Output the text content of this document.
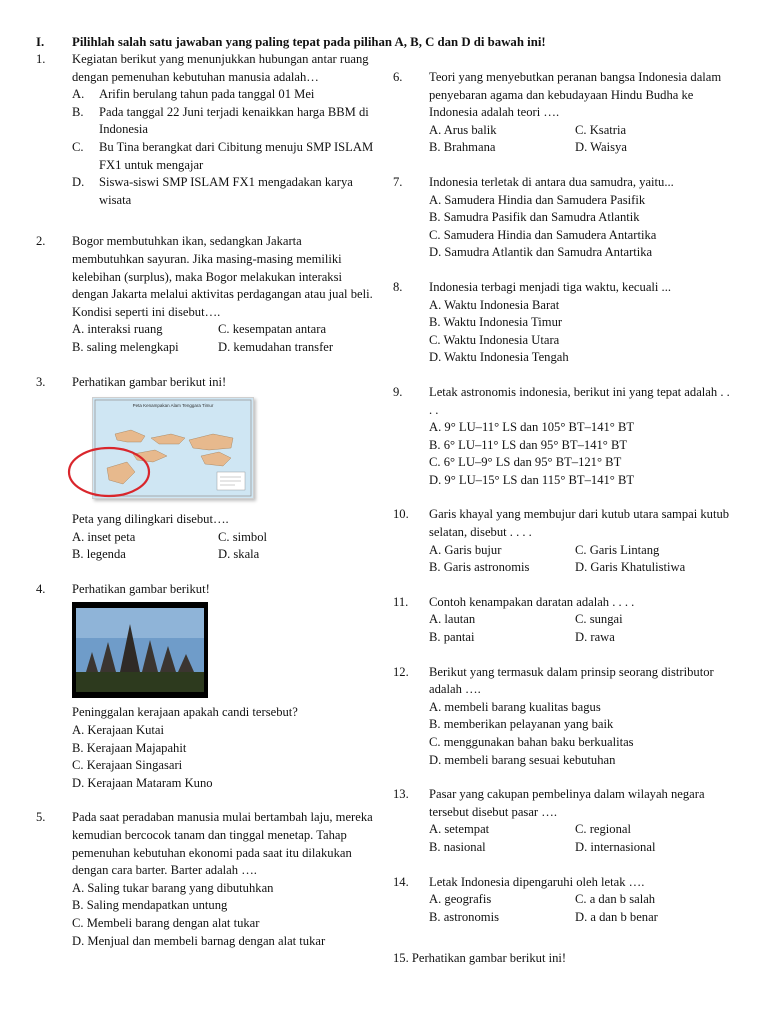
I. Pilihlah salah satu jawaban yang paling tepat pada pilihan A, B, C dan D di bawah ini!
1. Kegiatan berikut yang menunjukkan hubungan antar ruang dengan pemenuhan kebutuhan manusia adalah…

A. Arifin berulang tahun pada tanggal 01 Mei
B. Pada tanggal 22 Juni terjadi kenaikkan harga BBM di Indonesia
C. Bu Tina berangkat dari Cibitung menuju SMP ISLAM FX1 untuk mengajar
D. Siswa-siswi SMP ISLAM FX1 mengadakan karya wisata
2. Bogor membutuhkan ikan, sedangkan Jakarta membutuhkan sayuran. Jika masing-masing memiliki kelebihan (surplus), maka Bogor melakukan interaksi dengan Jakarta melalui aktivitas perdagangan atau jual beli. Kondisi seperti ini disebut….

A. interaksi ruang	C. kesempatan antara
B. saling melengkapi	D. kemudahan transfer
3. Perhatikan gambar berikut ini!

Peta Kenampakan Alam Tenggara Timur

Peta yang dilingkari disebut….

A. inset peta	C. simbol
B. legenda	D. skala
4. Perhatikan gambar berikut!

Peninggalan kerajaan apakah candi tersebut?

A. Kerajaan Kutai
B. Kerajaan Majapahit
C. Kerajaan Singasari
D. Kerajaan Mataram Kuno
5. Pada saat peradaban manusia mulai bertambah laju, mereka kemudian bercocok tanam dan tinggal menetap. Tahap pemenuhan kebutuhan ekonomi pada saat itu dilakukan dengan cara barter. Barter adalah ….

A. Saling tukar barang yang dibutuhkan
B. Saling mendapatkan untung
C. Membeli barang dengan alat tukar
D. Menjual dan membeli barnag dengan alat tukar
6. Teori yang menyebutkan peranan bangsa Indonesia dalam penyebaran agama dan kebudayaan Hindu Budha ke Indonesia adalah teori ….

A. Arus balik	C. Ksatria
B. Brahmana	D. Waisya
7. Indonesia terletak di antara dua samudra, yaitu...

A. Samudera Hindia dan Samudera Pasifik
B. Samudra Pasifik dan Samudra Atlantik
C. Samudera Hindia dan Samudera Antartika
D. Samudra Atlantik dan Samudra Antartika
8. Indonesia terbagi menjadi tiga waktu, kecuali ...

A. Waktu Indonesia Barat
B. Waktu Indonesia Timur
C. Waktu Indonesia Utara
D. Waktu Indonesia Tengah
9. Letak astronomis indonesia, berikut ini yang tepat adalah . . . .

A. 9° LU–11° LS dan 105° BT–141° BT
B. 6° LU–11° LS dan 95° BT–141° BT
C. 6° LU–9° LS dan 95° BT–121° BT
D. 9° LU–15° LS dan 115° BT–141° BT
10. Garis khayal yang membujur dari kutub utara sampai kutub selatan, disebut . . . .

A. Garis bujur	C. Garis Lintang
B. Garis astronomis	D. Garis Khatulistiwa
11. Contoh kenampakan daratan adalah . . . .

A. lautan	C. sungai
B. pantai	D. rawa
12. Berikut yang termasuk dalam prinsip seorang distributor adalah ….

A. membeli barang kualitas bagus
B. memberikan pelayanan yang baik
C. menggunakan bahan baku berkualitas
D. membeli barang sesuai kebutuhan
13. Pasar yang cakupan pembelinya dalam wilayah negara tersebut disebut pasar ….

A. setempat	C. regional
B. nasional	D. internasional
14. Letak Indonesia dipengaruhi oleh letak ….

A. geografis	C. a dan b salah
B. astronomis	D. a dan b benar
15. Perhatikan gambar berikut ini!
